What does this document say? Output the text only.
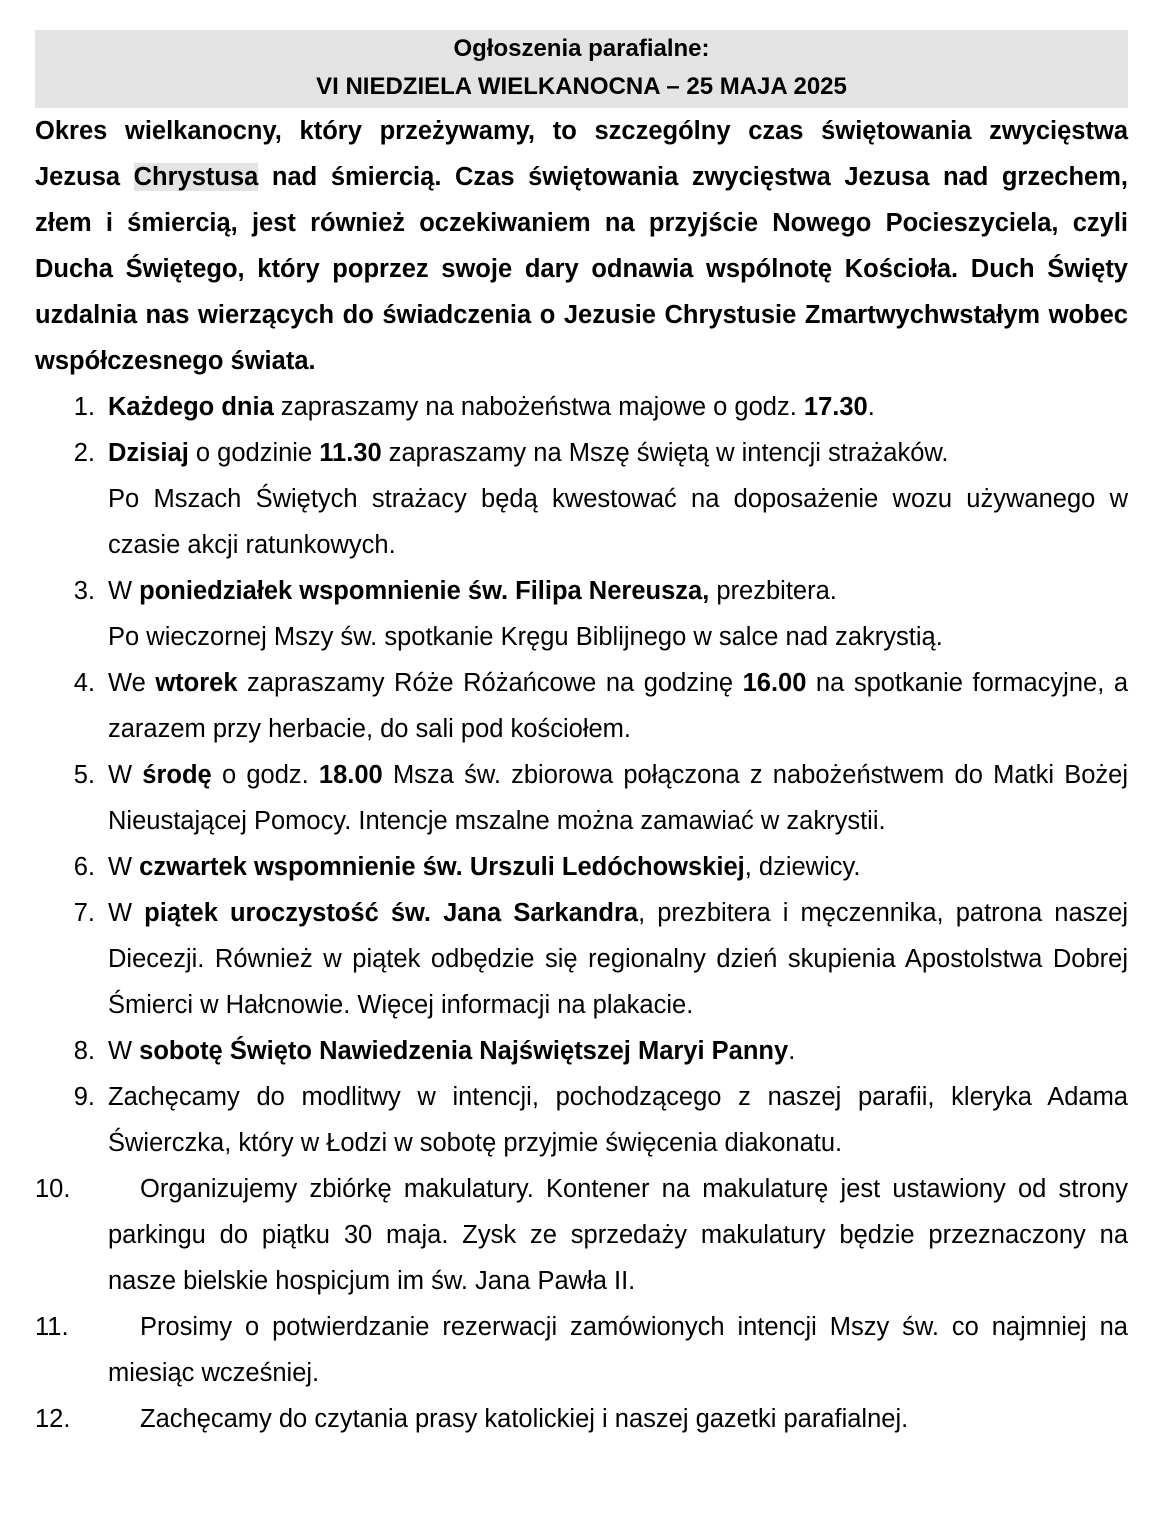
Ogłoszenia parafialne:
VI NIEDZIELA WIELKANOCNA – 25 MAJA 2025
Okres wielkanocny, który przeżywamy, to szczególny czas świętowania zwycięstwa Jezusa Chrystusa nad śmiercią. Czas świętowania zwycięstwa Jezusa nad grzechem, złem i śmiercią, jest również oczekiwaniem na przyjście Nowego Pocieszyciela, czyli Ducha Świętego, który poprzez swoje dary odnawia wspólnotę Kościoła. Duch Święty uzdalnia nas wierzących do świadczenia o Jezusie Chrystusie Zmartwychwstałym wobec współczesnego świata.
1. Każdego dnia zapraszamy na nabożeństwa majowe o godz. 17.30.
2. Dzisiaj o godzinie 11.30 zapraszamy na Mszę świętą w intencji strażaków.
Po Mszach Świętych strażacy będą kwestować na doposażenie wozu używanego w czasie akcji ratunkowych.
3. W poniedziałek wspomnienie św. Filipa Nereusza, prezbitera.
Po wieczornej Mszy św. spotkanie Kręgu Biblijnego w salce nad zakrystią.
4. We wtorek zapraszamy Róże Różańcowe na godzinę 16.00 na spotkanie formacyjne, a zarazem przy herbacie, do sali pod kościołem.
5. W środę o godz. 18.00 Msza św. zbiorowa połączona z nabożeństwem do Matki Bożej Nieustającej Pomocy. Intencje mszalne można zamawiać w zakrystii.
6. W czwartek wspomnienie św. Urszuli Ledóchowskiej, dziewicy.
7. W piątek uroczystość św. Jana Sarkandra, prezbitera i męczennika, patrona naszej Diecezji. Również w piątek odbędzie się regionalny dzień skupienia Apostolstwa Dobrej Śmierci w Hałcnowie. Więcej informacji na plakacie.
8. W sobotę Święto Nawiedzenia Najświętszej Maryi Panny.
9. Zachęcamy do modlitwy w intencji, pochodzącego z naszej parafii, kleryka Adama Świerczka, który w Łodzi w sobotę przyjmie święcenia diakonatu.
10.	Organizujemy zbiórkę makulatury. Kontener na makulaturę jest ustawiony od strony parkingu do piątku 30 maja. Zysk ze sprzedaży makulatury będzie przeznaczony na nasze bielskie hospicjum im św. Jana Pawła II.
11.	Prosimy o potwierdzanie rezerwacji zamówionych intencji Mszy św. co najmniej na miesiąc wcześniej.
12.	Zachęcamy do czytania prasy katolickiej i naszej gazetki parafialnej.
